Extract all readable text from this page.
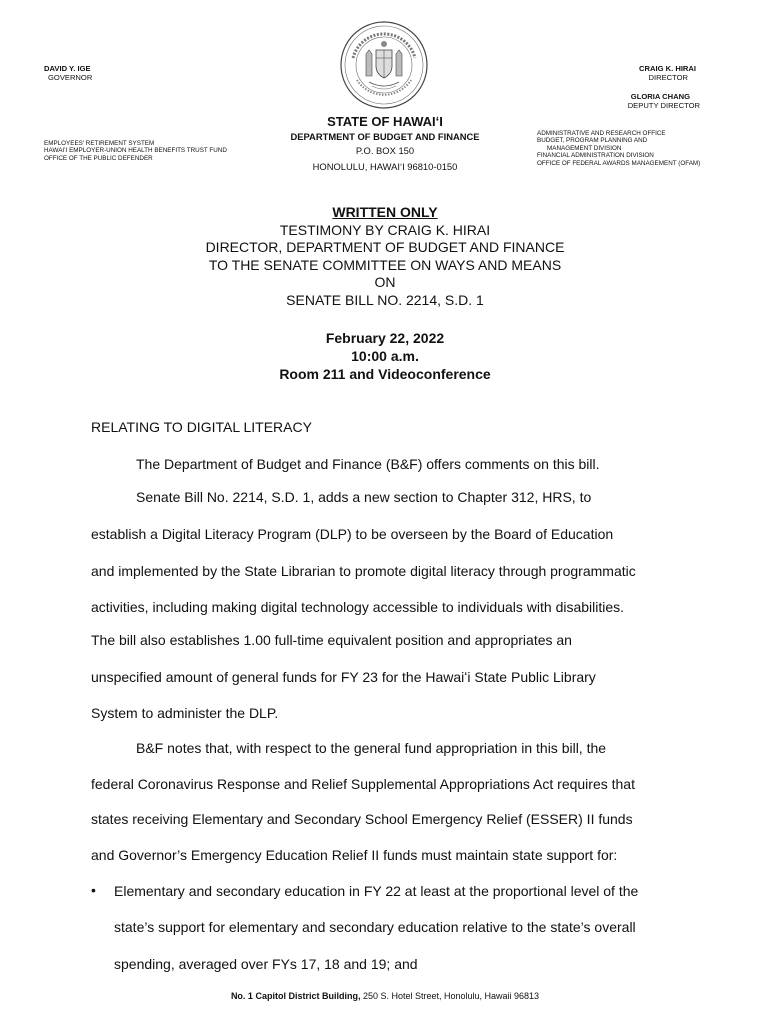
DAVID Y. IGE
GOVERNOR
CRAIG K. HIRAI
DIRECTOR
GLORIA CHANG
DEPUTY DIRECTOR
STATE OF HAWAIʻI
DEPARTMENT OF BUDGET AND FINANCE
P.O. BOX 150
HONOLULU, HAWAIʻI 96810-0150
EMPLOYEES' RETIREMENT SYSTEM
HAWAIʻI EMPLOYER-UNION HEALTH BENEFITS TRUST FUND
OFFICE OF THE PUBLIC DEFENDER
ADMINISTRATIVE AND RESEARCH OFFICE
BUDGET, PROGRAM PLANNING AND
MANAGEMENT DIVISION
FINANCIAL ADMINISTRATION DIVISION
OFFICE OF FEDERAL AWARDS MANAGEMENT (OFAM)
WRITTEN ONLY
TESTIMONY BY CRAIG K. HIRAI
DIRECTOR, DEPARTMENT OF BUDGET AND FINANCE
TO THE SENATE COMMITTEE ON WAYS AND MEANS
ON
SENATE BILL NO. 2214, S.D. 1
February 22, 2022
10:00 a.m.
Room 211 and Videoconference
RELATING TO DIGITAL LITERACY
The Department of Budget and Finance (B&F) offers comments on this bill.
Senate Bill No. 2214, S.D. 1, adds a new section to Chapter 312, HRS, to
establish a Digital Literacy Program (DLP) to be overseen by the Board of Education
and implemented by the State Librarian to promote digital literacy through programmatic
activities, including making digital technology accessible to individuals with disabilities.
The bill also establishes 1.00 full-time equivalent position and appropriates an
unspecified amount of general funds for FY 23 for the Hawaiʻi State Public Library
System to administer the DLP.
B&F notes that, with respect to the general fund appropriation in this bill, the
federal Coronavirus Response and Relief Supplemental Appropriations Act requires that
states receiving Elementary and Secondary School Emergency Relief (ESSER) II funds
and Governor’s Emergency Education Relief II funds must maintain state support for:
• Elementary and secondary education in FY 22 at least at the proportional level of the
state’s support for elementary and secondary education relative to the state’s overall
spending, averaged over FYs 17, 18 and 19; and
No. 1 Capitol District Building, 250 S. Hotel Street, Honolulu, Hawaii 96813
